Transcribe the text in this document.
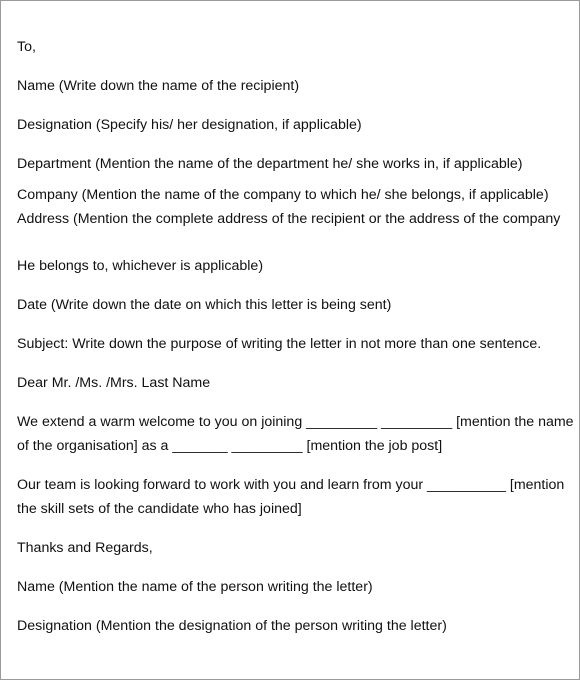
To,

Name (Write down the name of the recipient)

Designation (Specify his/ her designation, if applicable)

Department (Mention the name of the department he/ she works in, if applicable)

Company (Mention the name of the company to which he/ she belongs, if applicable)

Address (Mention the complete address of the recipient or the address of the company

He belongs to, whichever is applicable)

Date (Write down the date on which this letter is being sent)

Subject: Write down the purpose of writing the letter in not more than one sentence.

Dear Mr. /Ms. /Mrs. Last Name

We extend a warm welcome to you on joining _________ _________ [mention the name

of the organisation] as a _______ _________ [mention the job post]

Our team is looking forward to work with you and learn from your __________ [mention

the skill sets of the candidate who has joined]

Thanks and Regards,

Name (Mention the name of the person writing the letter)

Designation (Mention the designation of the person writing the letter)
